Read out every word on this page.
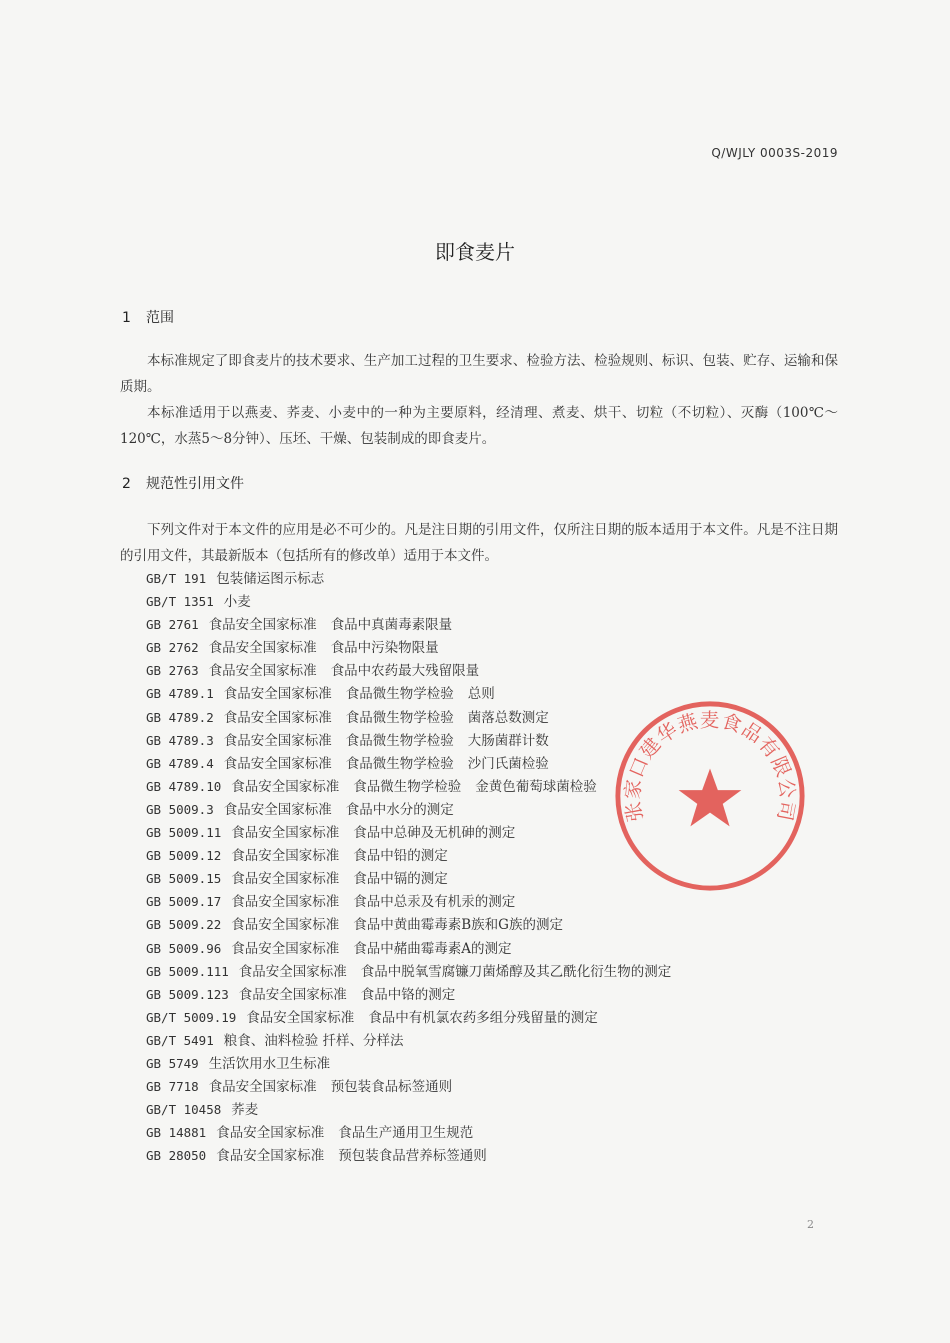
Q/WJLY 0003S-2019
即食麦片
1 范围
本标准规定了即食麦片的技术要求、生产加工过程的卫生要求、检验方法、检验规则、标识、包装、贮存、运输和保质期。
本标准适用于以燕麦、荞麦、小麦中的一种为主要原料，经清理、煮麦、烘干、切粒（不切粒）、灭酶（100℃～120℃，水蒸5～8分钟）、压坯、干燥、包装制成的即食麦片。
2 规范性引用文件
下列文件对于本文件的应用是必不可少的。凡是注日期的引用文件，仅所注日期的版本适用于本文件。凡是不注日期的引用文件，其最新版本（包括所有的修改单）适用于本文件。
GB/T 191 包装储运图示标志
GB/T 1351 小麦
GB 2761 食品安全国家标准 食品中真菌毒素限量
GB 2762 食品安全国家标准 食品中污染物限量
GB 2763 食品安全国家标准 食品中农药最大残留限量
GB 4789.1 食品安全国家标准 食品微生物学检验 总则
GB 4789.2 食品安全国家标准 食品微生物学检验 菌落总数测定
GB 4789.3 食品安全国家标准 食品微生物学检验 大肠菌群计数
GB 4789.4 食品安全国家标准 食品微生物学检验 沙门氏菌检验
GB 4789.10 食品安全国家标准 食品微生物学检验 金黄色葡萄球菌检验
GB 5009.3 食品安全国家标准 食品中水分的测定
GB 5009.11 食品安全国家标准 食品中总砷及无机砷的测定
GB 5009.12 食品安全国家标准 食品中铅的测定
GB 5009.15 食品安全国家标准 食品中镉的测定
GB 5009.17 食品安全国家标准 食品中总汞及有机汞的测定
GB 5009.22 食品安全国家标准 食品中黄曲霉毒素B族和G族的测定
GB 5009.96 食品安全国家标准 食品中赭曲霉毒素A的测定
GB 5009.111 食品安全国家标准 食品中脱氧雪腐镰刀菌烯醇及其乙酰化衍生物的测定
GB 5009.123 食品安全国家标准 食品中铬的测定
GB/T 5009.19 食品安全国家标准 食品中有机氯农药多组分残留量的测定
GB/T 5491 粮食、油料检验 扦样、分样法
GB 5749 生活饮用水卫生标准
GB 7718 食品安全国家标准 预包装食品标签通则
GB/T 10458 荞麦
GB 14881 食品安全国家标准 食品生产通用卫生规范
GB 28050 食品安全国家标准 预包装食品营养标签通则
张家口建华燕麦食品有限公司
2
